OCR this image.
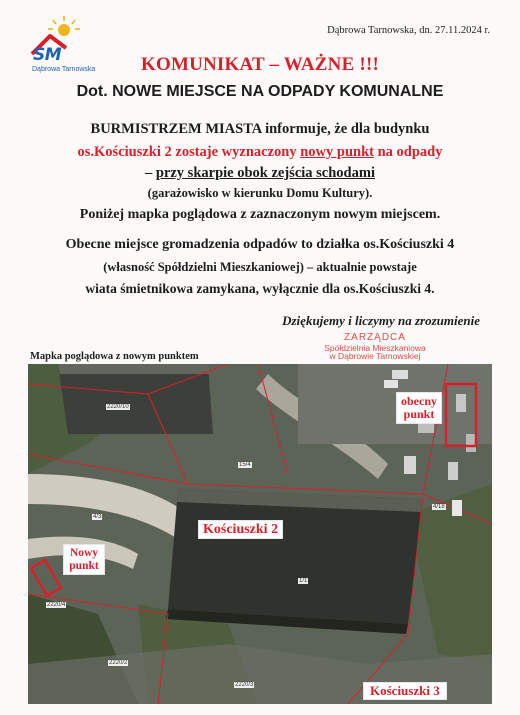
SM
Dąbrowa Tarnowska
Dąbrowa Tarnowska, dn. 27.11.2024 r.
KOMUNIKAT – WAŻNE !!!
Dot. NOWE MIEJSCE NA ODPADY KOMUNALNE
BURMISTRZEM MIASTA informuje, że dla budynku
os.Kościuszki 2 zostaje wyznaczony nowy punkt na odpady
– przy skarpie obok zejścia schodami
(garażowisko w kierunku Domu Kultury).
Poniżej mapka poglądowa z zaznaczonym nowym miejscem.
Obecne miejsce gromadzenia odpadów to działka os.Kościuszki 4
(własność Spółdzielni Mieszkaniowej) – aktualnie powstaje
wiata śmietnikowa zamykana, wyłącznie dla os.Kościuszki 4.
Dziękujemy i liczymy na zrozumienie
ZARZĄDCA
Spółdzielnia Mieszkaniowa
w Dąbrowie Tarnowskiej
Mapka poglądowa z nowym punktem
2220/10
15/4
4/3
1/1
2220/4
4/18
2220/2
2220/3
obecny punkt
Kościuszki 2
Nowy punkt
Kościuszki 3
